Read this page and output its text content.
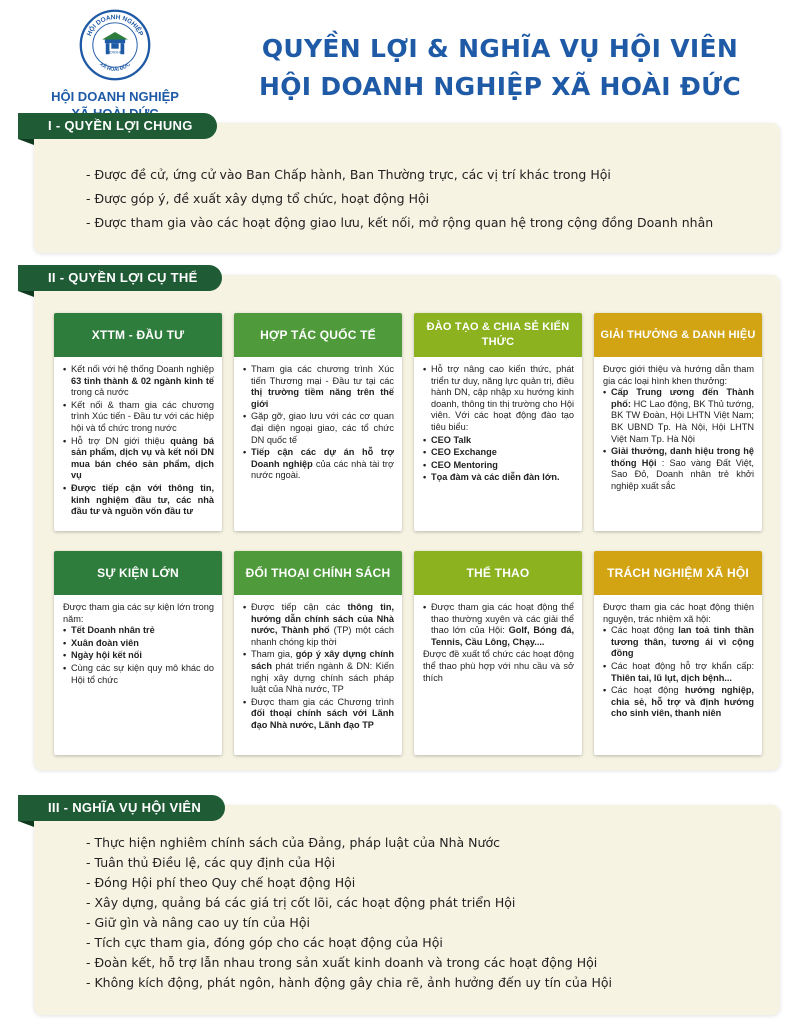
HỘI DOANH NGHIỆP
XÃ HOÀI ĐỨC
HDNXHĐ
HỘI DOANH NGHIỆP
QUYỀN LỢI & NGHĨA VỤ HỘI VIÊN
HỘI DOANH NGHIỆP XÃ HOÀI ĐỨC
I - QUYỀN LỢI CHUNG
- Được đề cử, ứng cử vào Ban Chấp hành, Ban Thường trực, các vị trí khác trong Hội
- Được góp ý, đề xuất xây dựng tổ chức, hoạt động Hội
- Được tham gia vào các hoạt động giao lưu, kết nối, mở rộng quan hệ trong cộng đồng Doanh nhân
II - QUYỀN LỢI CỤ THỂ
XTTM - ĐẦU TƯ
• Kết nối với hệ thống Doanh nghiệp 63 tỉnh thành & 02 ngành kinh tế trong cả nước
• Kết nối & tham gia các chương trình Xúc tiến - Đầu tư với các hiệp hội và tổ chức trong nước
• Hỗ trợ DN giới thiệu quảng bá sản phẩm, dịch vụ và kết nối DN mua bán chéo sản phẩm, dịch vụ
• Được tiếp cận với thông tin, kinh nghiệm đầu tư, các nhà đầu tư và nguồn vốn đầu tư
HỢP TÁC QUỐC TẾ
• Tham gia các chương trình Xúc tiến Thương mại - Đầu tư tại các thị trường tiềm năng trên thế giới
• Gặp gỡ, giao lưu với các cơ quan đại diện ngoại giao, các tổ chức DN quốc tế
• Tiếp cận các dự án hỗ trợ Doanh nghiệp của các nhà tài trợ nước ngoài.
ĐÀO TẠO & CHIA SẺ KIẾN THỨC
• Hỗ trợ nâng cao kiến thức, phát triển tư duy, năng lực quản trị, điều hành DN, cập nhập xu hướng kinh doanh, thông tin thị trường cho Hội viên. Với các hoạt động đào tạo tiêu biểu:
• CEO Talk
• CEO Exchange
• CEO Mentoring
• Tọa đàm và các diễn đàn lớn.
GIẢI THƯỞNG & DANH HIỆU

Được giới thiệu và hướng dẫn tham gia các loại hình khen thưởng:

• Cấp Trung ương đến Thành phố: HC Lao động, BK Thủ tướng, BK TW Đoàn, Hội LHTN Việt Nam; BK UBND Tp. Hà Nội, Hội LHTN Việt Nam Tp. Hà Nội
• Giải thưởng, danh hiệu trong hệ thống Hội : Sao vàng Đất Việt, Sao Đỏ, Doanh nhân trẻ khởi nghiệp xuất sắc
SỰ KIỆN LỚN

Được tham gia các sự kiện lớn trong năm:

• Tết Doanh nhân trẻ
• Xuân đoàn viên
• Ngày hội kết nối
• Cùng các sự kiện quy mô khác do Hội tổ chức
ĐỐI THOẠI CHÍNH SÁCH
• Được tiếp cận các thông tin, hướng dẫn chính sách của Nhà nước, Thành phố (TP) một cách nhanh chóng kịp thời
• Tham gia, góp ý xây dựng chính sách phát triển ngành & DN: Kiến nghị xây dựng chính sách pháp luật của Nhà nước, TP
• Được tham gia các Chương trình đối thoại chính sách với Lãnh đạo Nhà nước, Lãnh đạo TP
THỂ THAO
• Được tham gia các hoạt động thể thao thường xuyên và các giải thể thao lớn của Hội: Golf, Bóng đá, Tennis, Cầu Lông, Chạy....

Được đề xuất tổ chức các hoạt động thể thao phù hợp với nhu cầu và sở thích

TRÁCH NGHIỆM XÃ HỘI

Được tham gia các hoạt động thiện nguyện, trác nhiệm xã hội:

• Các hoạt động lan toả tinh thần tương thân, tương ái vì cộng đồng
• Các hoạt động hỗ trợ khẩn cấp: Thiên tai, lũ lụt, dịch bệnh...
• Các hoạt động hướng nghiệp, chia sẻ, hỗ trợ và định hướng cho sinh viên, thanh niên
III - NGHĨA VỤ HỘI VIÊN
- Thực hiện nghiêm chính sách của Đảng, pháp luật của Nhà Nước
- Tuân thủ Điều lệ, các quy định của Hội
- Đóng Hội phí theo Quy chế hoạt động Hội
- Xây dựng, quảng bá các giá trị cốt lõi, các hoạt động phát triển Hội
- Giữ gìn và nâng cao uy tín của Hội
- Tích cực tham gia, đóng góp cho các hoạt động của Hội
- Đoàn kết, hỗ trợ lẫn nhau trong sản xuất kinh doanh và trong các hoạt động Hội
- Không kích động, phát ngôn, hành động gây chia rẽ, ảnh hưởng đến uy tín của Hội
